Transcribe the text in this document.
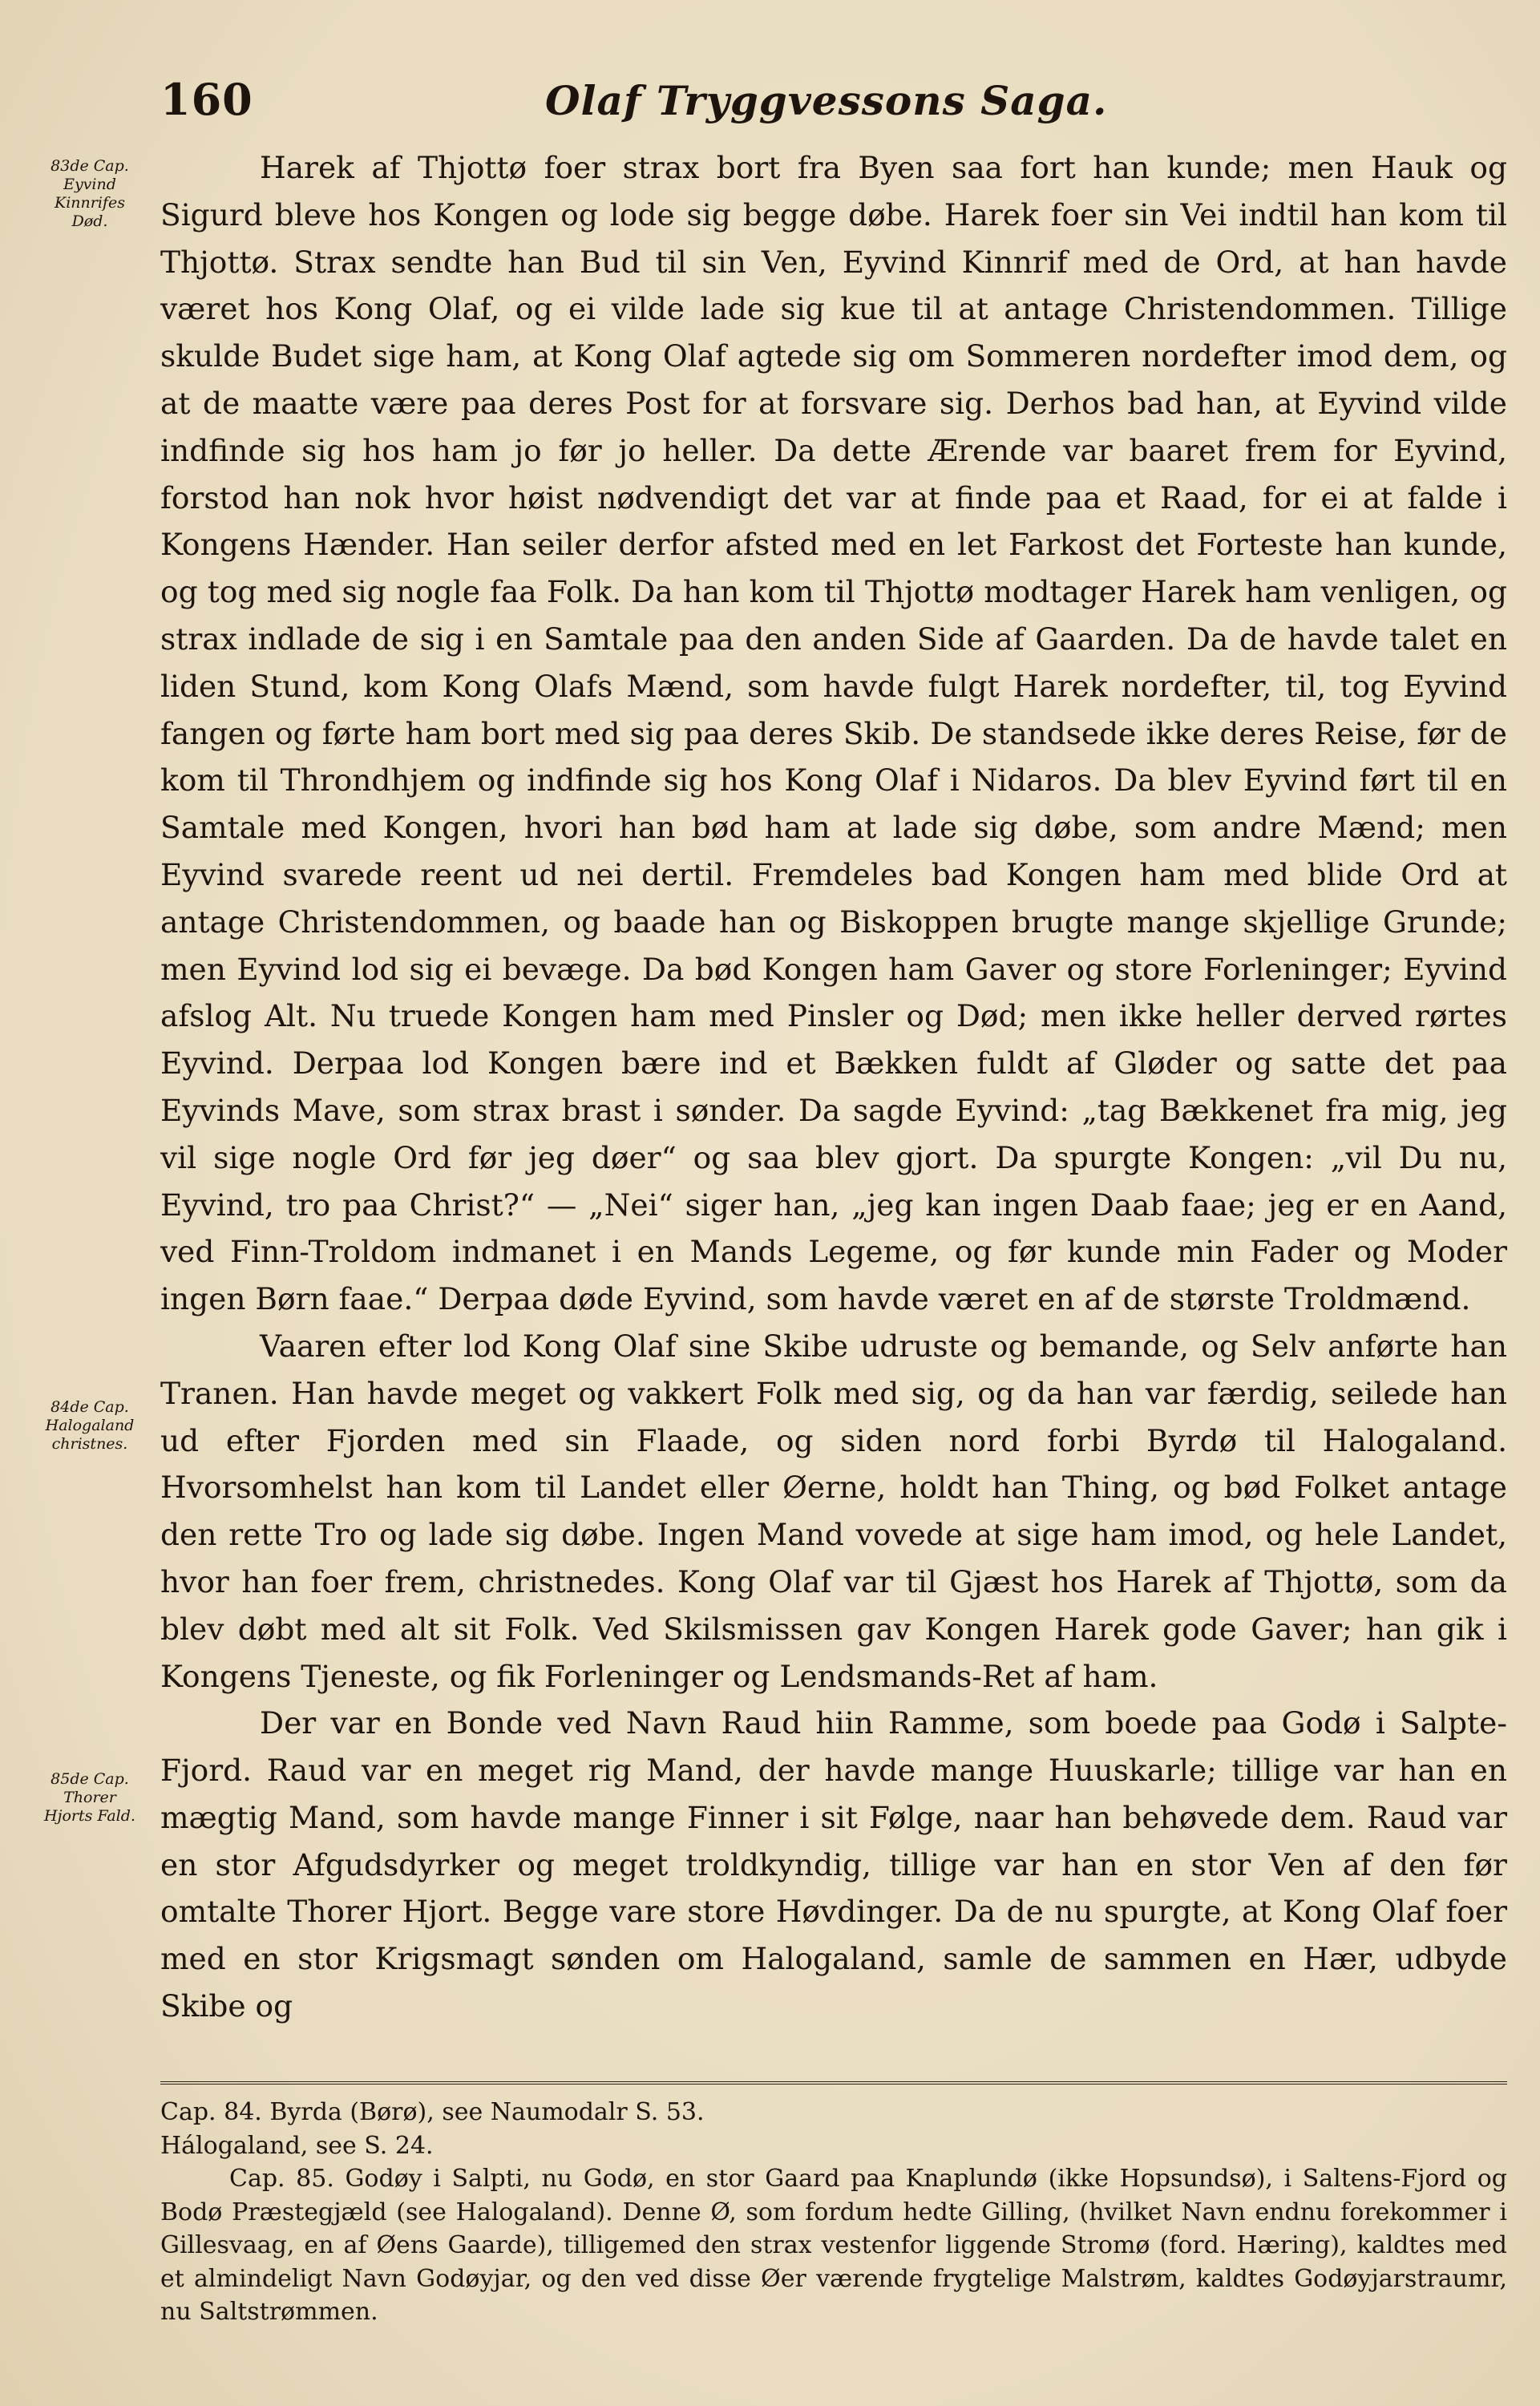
160	Olaf Tryggvessons Saga.
83de Cap.
Eyvind
Kinnrifes
Død.
84de Cap.
Halogaland
christnes.
85de Cap.
Thorer
Hjorts Fald.

Harek af Thjottø foer strax bort fra Byen saa fort han kunde; men Hauk og Sigurd bleve hos Kongen og lode sig begge døbe. Harek foer sin Vei indtil han kom til Thjottø. Strax sendte han Bud til sin Ven, Eyvind Kinnrif med de Ord, at han havde været hos Kong Olaf, og ei vilde lade sig kue til at antage Christendommen. Tillige skulde Budet sige ham, at Kong Olaf agtede sig om Sommeren nordefter imod dem, og at de maatte være paa deres Post for at forsvare sig. Derhos bad han, at Eyvind vilde indfinde sig hos ham jo før jo heller. Da dette Ærende var baaret frem for Eyvind, forstod han nok hvor høist nødvendigt det var at finde paa et Raad, for ei at falde i Kongens Hænder. Han seiler derfor afsted med en let Farkost det Forteste han kunde, og tog med sig nogle faa Folk. Da han kom til Thjottø modtager Harek ham venligen, og strax indlade de sig i en Samtale paa den anden Side af Gaarden. Da de havde talet en liden Stund, kom Kong Olafs Mænd, som havde fulgt Harek nordefter, til, tog Eyvind fangen og førte ham bort med sig paa deres Skib. De standsede ikke deres Reise, før de kom til Throndhjem og indfinde sig hos Kong Olaf i Nidaros. Da blev Eyvind ført til en Samtale med Kongen, hvori han bød ham at lade sig døbe, som andre Mænd; men Eyvind svarede reent ud nei dertil. Fremdeles bad Kongen ham med blide Ord at antage Christendommen, og baade han og Biskoppen brugte mange skjellige Grunde; men Eyvind lod sig ei bevæge. Da bød Kongen ham Gaver og store Forleninger; Eyvind afslog Alt. Nu truede Kongen ham med Pinsler og Død; men ikke heller derved rørtes Eyvind. Derpaa lod Kongen bære ind et Bækken fuldt af Gløder og satte det paa Eyvinds Mave, som strax brast i sønder. Da sagde Eyvind: „tag Bækkenet fra mig, jeg vil sige nogle Ord før jeg døer“ og saa blev gjort. Da spurgte Kongen: „vil Du nu, Eyvind, tro paa Christ?“ — „Nei“ siger han, „jeg kan ingen Daab faae; jeg er en Aand, ved Finn-Troldom indmanet i en Mands Legeme, og før kunde min Fader og Moder ingen Børn faae.“ Derpaa døde Eyvind, som havde været en af de største Troldmænd.

Vaaren efter lod Kong Olaf sine Skibe udruste og bemande, og Selv anførte han Tranen. Han havde meget og vakkert Folk med sig, og da han var færdig, seilede han ud efter Fjorden med sin Flaade, og siden nord forbi Byrdø til Halogaland. Hvorsomhelst han kom til Landet eller Øerne, holdt han Thing, og bød Folket antage den rette Tro og lade sig døbe. Ingen Mand vovede at sige ham imod, og hele Landet, hvor han foer frem, christnedes. Kong Olaf var til Gjæst hos Harek af Thjottø, som da blev døbt med alt sit Folk. Ved Skilsmissen gav Kongen Harek gode Gaver; han gik i Kongens Tjeneste, og fik Forleninger og Lendsmands-Ret af ham.

Der var en Bonde ved Navn Raud hiin Ramme, som boede paa Godø i Salpte-Fjord. Raud var en meget rig Mand, der havde mange Huuskarle; tillige var han en mægtig Mand, som havde mange Finner i sit Følge, naar han behøvede dem. Raud var en stor Afgudsdyrker og meget troldkyndig, tillige var han en stor Ven af den før omtalte Thorer Hjort. Begge vare store Høvdinger. Da de nu spurgte, at Kong Olaf foer med en stor Krigsmagt sønden om Halogaland, samle de sammen en Hær, udbyde Skibe og

Cap. 84. Byrda (Børø), see Naumodalr S. 53.
Hálogaland, see S. 24.
Cap. 85. Godøy i Salpti, nu Godø, en stor Gaard paa Knaplundø (ikke Hopsundsø), i Saltens-Fjord og Bodø Præstegjæld (see Halogaland). Denne Ø, som fordum hedte Gilling, (hvilket Navn endnu forekommer i Gillesvaag, en af Øens Gaarde), tilligemed den strax vestenfor liggende Stromø (ford. Hæring), kaldtes med et almindeligt Navn Godøyjar, og den ved disse Øer værende frygtelige Malstrøm, kaldtes Godøyjarstraumr, nu Saltstrømmen.
